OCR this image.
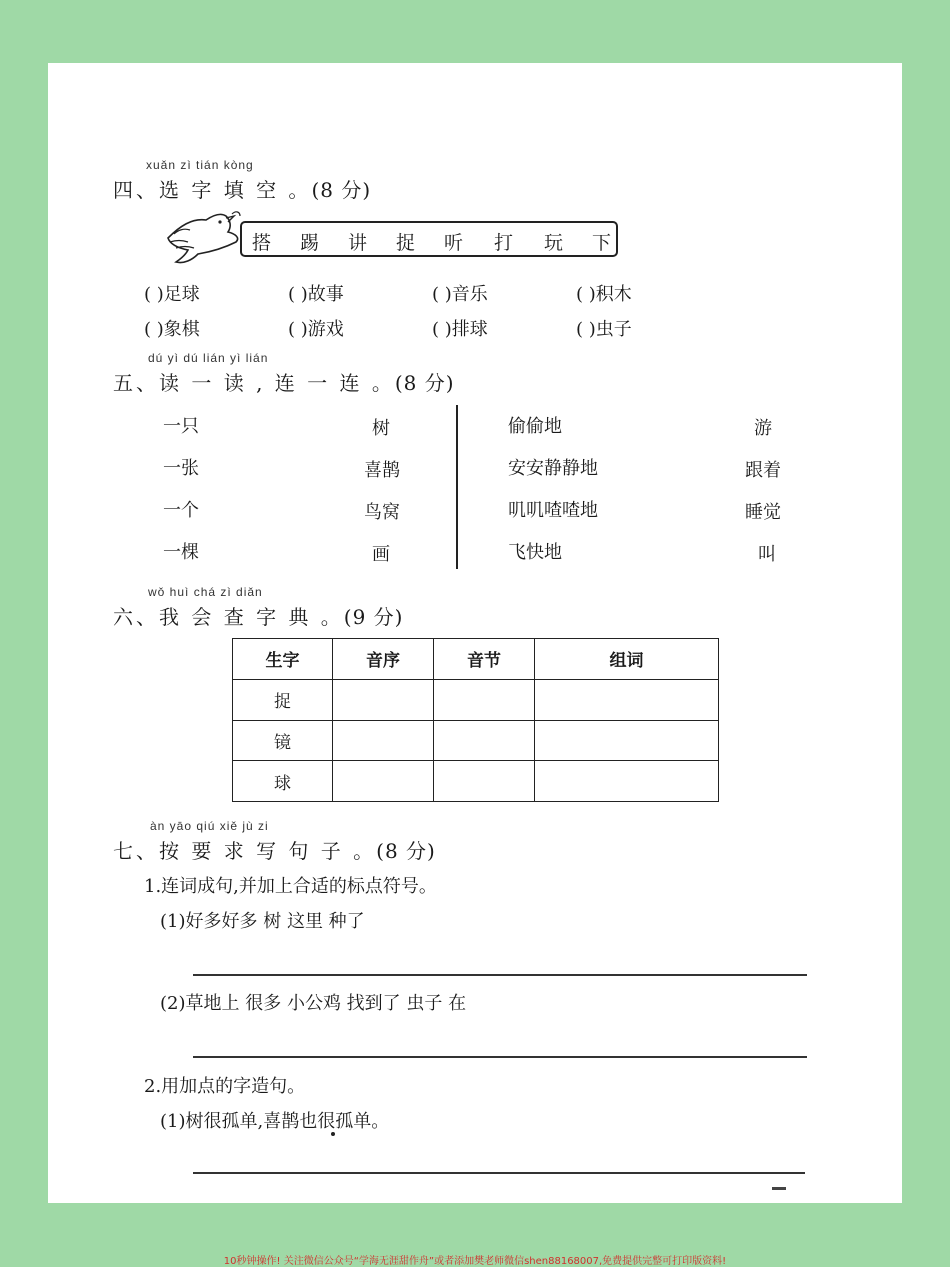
xuǎn zì tián kòng
四、选 字 填 空 。(8 分)
搭 踢 讲 捉 听 打 玩 下
( )足球	( )故事	( )音乐	( )积木
( )象棋	( )游戏	( )排球	( )虫子
dú yì dú lián yì lián
五、读 一 读 , 连 一 连 。(8 分)
一只
一张
一个
一棵
树
喜鹊
鸟窝
画
偷偷地
安安静静地
叽叽喳喳地
飞快地
游
跟着
睡觉
叫
wǒ huì chá zì diǎn
六、我 会 查 字 典 。(9 分)
生字	音序	音节	组词
捉			
镜			
球			
àn yāo qiú xiě jù zi
七、按 要 求 写 句 子 。(8 分)
1.连词成句,并加上合适的标点符号。
(1)好多好多 树 这里 种了
(2)草地上 很多 小公鸡 找到了 虫子 在
2.用加点的字造句。
(1)树很孤单,喜鹊也很孤单。
10秒钟操作! 关注微信公众号“学海无涯甜作舟”或者添加樊老师微信shen88168007,免费提供完整可打印版资料!
